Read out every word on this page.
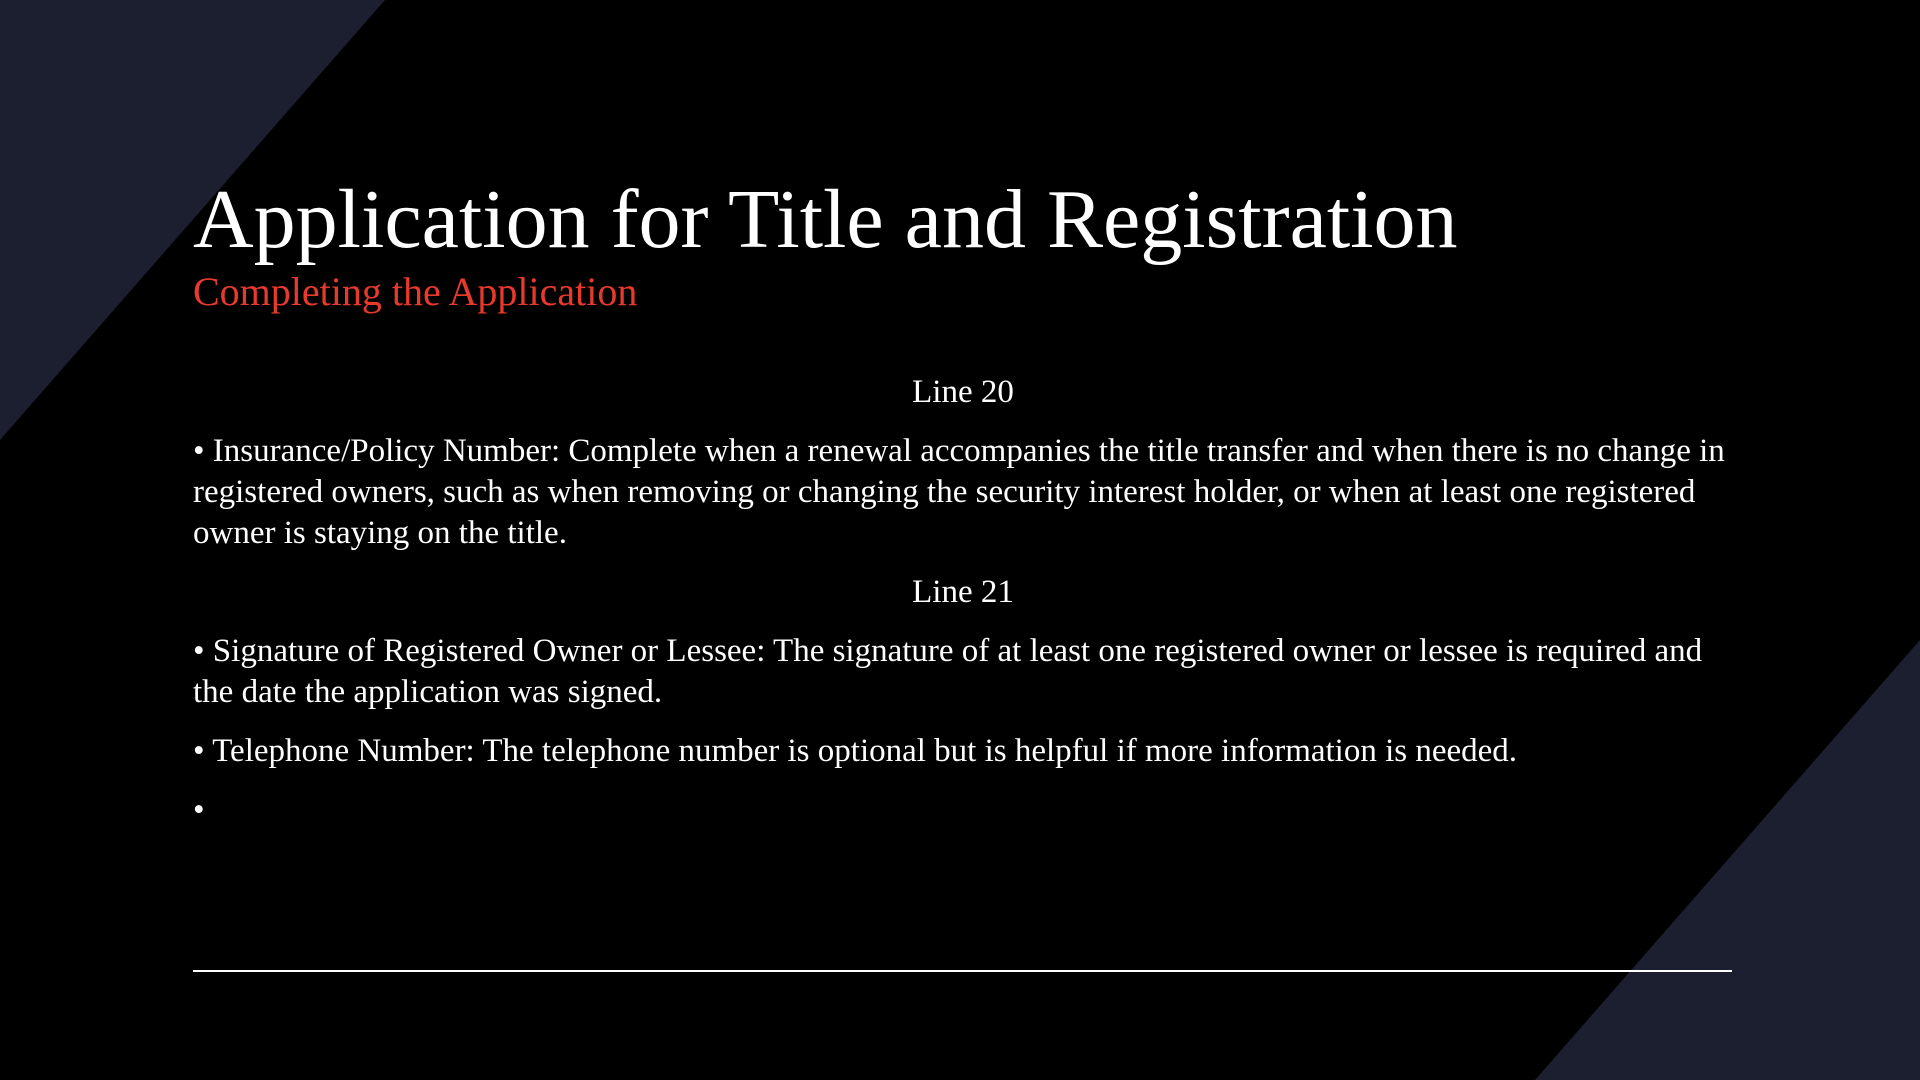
Application for Title and Registration
Completing the Application
Line 20
• Insurance/Policy Number: Complete when a renewal accompanies the title transfer and when there is no change in registered owners, such as when removing or changing the security interest holder, or when at least one registered owner is staying on the title.
Line 21
• Signature of Registered Owner or Lessee: The signature of at least one registered owner or lessee is required and the date the application was signed.
• Telephone Number: The telephone number is optional but is helpful if more information is needed.
•
